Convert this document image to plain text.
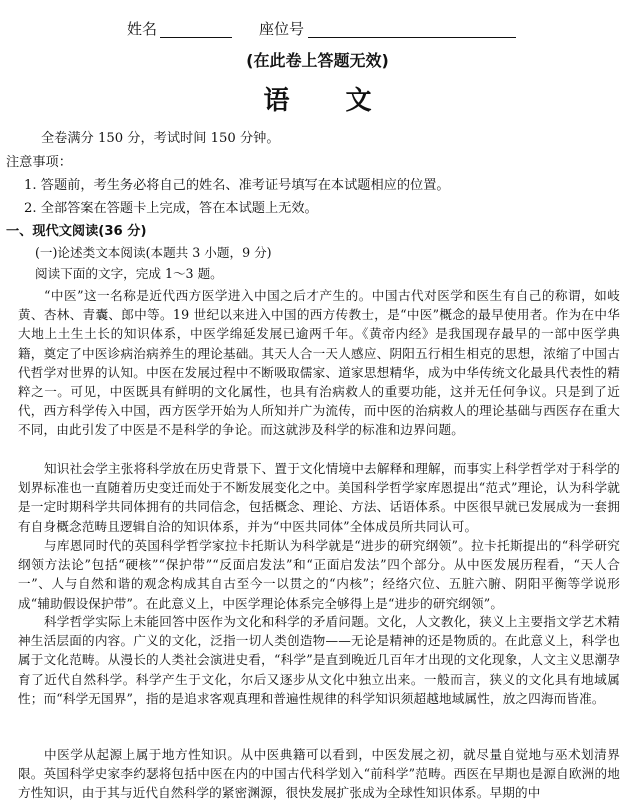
姓名	座位号
(在此卷上答题无效)
语文
全卷满分 150 分，考试时间 150 分钟。
注意事项：
1. 答题前，考生务必将自己的姓名、准考证号填写在本试题相应的位置。
2. 全部答案在答题卡上完成，答在本试题上无效。
一、现代文阅读(36 分)
(一)论述类文本阅读(本题共 3 小题，9 分)
阅读下面的文字，完成 1～3 题。
“中医”这一名称是近代西方医学进入中国之后才产生的。中国古代对医学和医生有自己的称谓，如岐黄、杏林、青囊、郎中等。19 世纪以来进入中国的西方传教士，是“中医”概念的最早使用者。作为在中华大地上土生土长的知识体系，中医学绵延发展已逾两千年。《黄帝内经》是我国现存最早的一部中医学典籍，奠定了中医诊病治病养生的理论基础。其天人合一天人感应、阴阳五行相生相克的思想，浓缩了中国古代哲学对世界的认知。中医在发展过程中不断吸取儒家、道家思想精华，成为中华传统文化最具代表性的精粹之一。可见，中医既具有鲜明的文化属性，也具有治病救人的重要功能，这并无任何争议。只是到了近代，西方科学传入中国，西方医学开始为人所知并广为流传，而中医的治病救人的理论基础与西医存在重大不同，由此引发了中医是不是科学的争论。而这就涉及科学的标准和边界问题。
知识社会学主张将科学放在历史背景下、置于文化情境中去解释和理解，而事实上科学哲学对于科学的划界标准也一直随着历史变迁而处于不断发展变化之中。美国科学哲学家库恩提出“范式”理论，认为科学就是一定时期科学共同体拥有的共同信念，包括概念、理论、方法、话语体系。中医很早就已发展成为一套拥有自身概念范畴且逻辑自洽的知识体系，并为“中医共同体”全体成员所共同认可。
与库恩同时代的英国科学哲学家拉卡托斯认为科学就是“进步的研究纲领”。拉卡托斯提出的“科学研究纲领方法论”包括“硬核”“保护带”“反面启发法”和“正面启发法”四个部分。从中医发展历程看，“天人合一”、人与自然和谐的观念构成其自古至今一以贯之的“内核”；经络穴位、五脏六腑、阴阳平衡等学说形成“辅助假设保护带”。在此意义上，中医学理论体系完全够得上是“进步的研究纲领”。
科学哲学实际上未能回答中医作为文化和科学的矛盾问题。文化，人文教化，狭义上主要指文学艺术精神生活层面的内容。广义的文化，泛指一切人类创造物——无论是精神的还是物质的。在此意义上，科学也属于文化范畴。从漫长的人类社会演进史看，“科学”是直到晚近几百年才出现的文化现象，人文主义思潮孕育了近代自然科学。科学产生于文化，尔后又逐步从文化中独立出来。一般而言，狭义的文化具有地域属性；而“科学无国界”，指的是追求客观真理和普遍性规律的科学知识须超越地域属性，放之四海而皆准。
中医学从起源上属于地方性知识。从中医典籍可以看到，中医发展之初，就尽量自觉地与巫术划清界限。英国科学史家李约瑟将包括中医在内的中国古代科学划入“前科学”范畴。西医在早期也是源自欧洲的地方性知识，由于其与近代自然科学的紧密渊源，很快发展扩张成为全球性知识体系。早期的中
